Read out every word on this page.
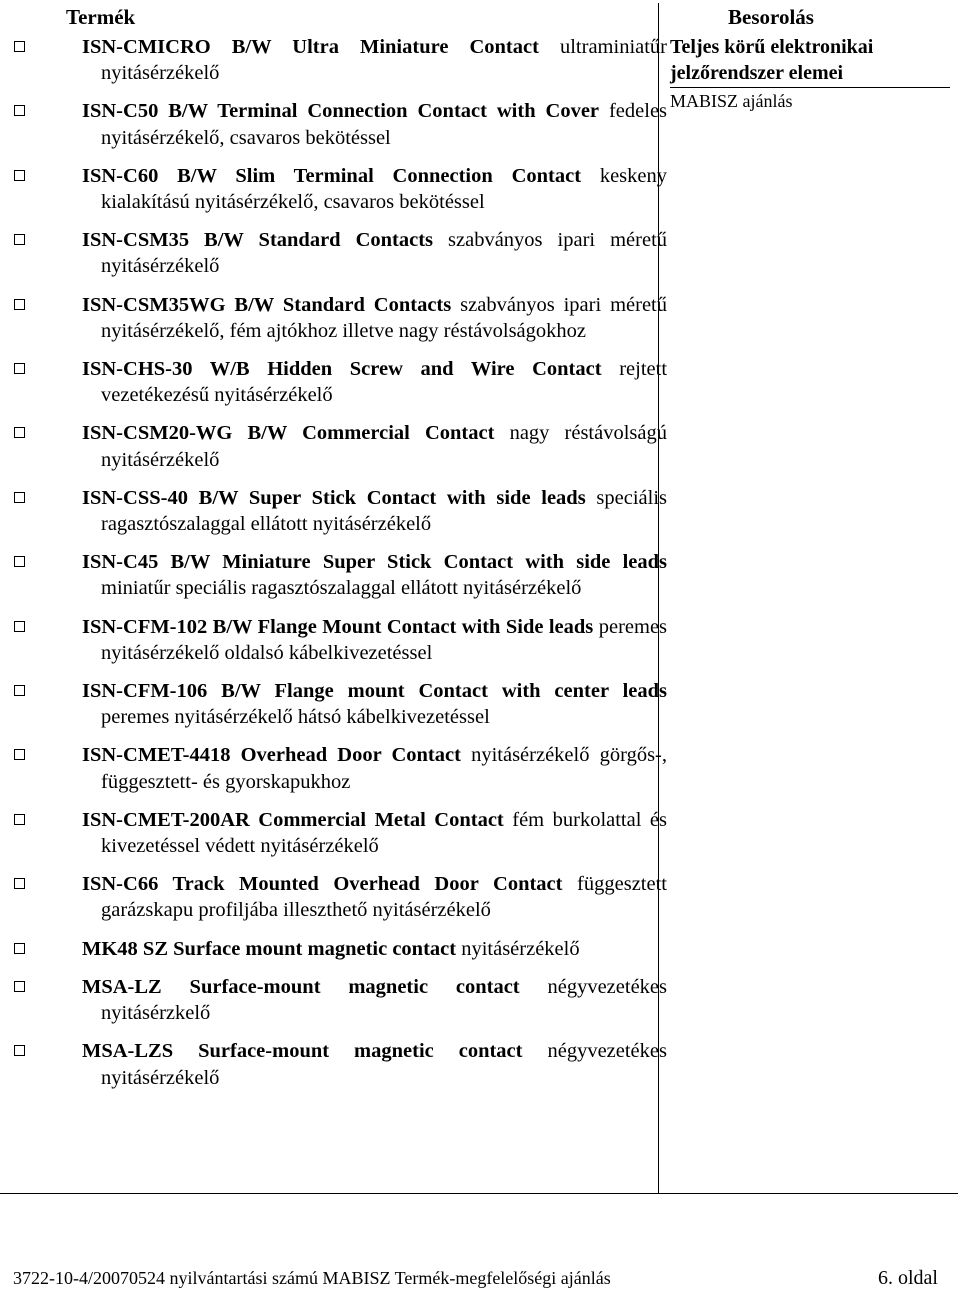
Termék	Besorolás
Teljes körű elektronikai jelzőrendszer elemei
MABISZ ajánlás
ISN-CMICRO B/W Ultra Miniature Contact ultraminiatűr nyitásérzékelő
ISN-C50 B/W Terminal Connection Contact with Cover fedeles nyitásérzékelő, csavaros bekötéssel
ISN-C60 B/W Slim Terminal Connection Contact keskeny kialakítású nyitásérzékelő, csavaros bekötéssel
ISN-CSM35 B/W Standard Contacts szabványos ipari méretű nyitásérzékelő
ISN-CSM35WG B/W Standard Contacts szabványos ipari méretű nyitásérzékelő, fém ajtókhoz illetve nagy réstávolságokhoz
ISN-CHS-30 W/B Hidden Screw and Wire Contact rejtett vezetékezésű nyitásérzékelő
ISN-CSM20-WG B/W Commercial Contact nagy réstávolságú nyitásérzékelő
ISN-CSS-40 B/W Super Stick Contact with side leads speciális ragasztószalaggal ellátott nyitásérzékelő
ISN-C45 B/W Miniature Super Stick Contact with side leads miniatűr speciális ragasztószalaggal ellátott nyitásérzékelő
ISN-CFM-102 B/W Flange Mount Contact with Side leads peremes nyitásérzékelő oldalsó kábelkivezetéssel
ISN-CFM-106 B/W Flange mount Contact with center leads peremes nyitásérzékelő hátsó kábelkivezetéssel
ISN-CMET-4418 Overhead Door Contact nyitásérzékelő görgős-, függesztett- és gyorskapukhoz
ISN-CMET-200AR Commercial Metal Contact fém burkolattal és kivezetéssel védett nyitásérzékelő
ISN-C66 Track Mounted Overhead Door Contact függesztett garázskapu profiljába illeszthető nyitásérzékelő
MK48 SZ Surface mount magnetic contact nyitásérzékelő
MSA-LZ Surface-mount magnetic contact négyvezetékes nyitásérzkelő
MSA-LZS Surface-mount magnetic contact négyvezetékes nyitásérzékelő
3722-10-4/20070524 nyilvántartási számú MABISZ Termék-megfelelőségi ajánlás	6. oldal
